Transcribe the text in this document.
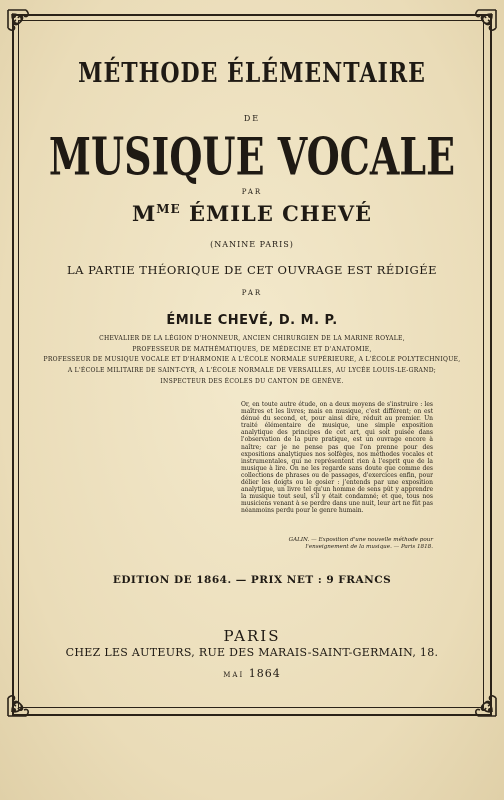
MÉTHODE ÉLÉMENTAIRE
DE
MUSIQUE VOCALE
PAR
$M^{ME}$ ÉMILE CHEVÉ
(NANINE PARIS)
LA PARTIE THÉORIQUE DE CET OUVRAGE EST RÉDIGÉE
PAR
ÉMILE CHEVÉ, D. M. P.
CHEVALIER DE LA LÉGION D'HONNEUR, ANCIEN CHIRURGIEN DE LA MARINE ROYALE,
PROFESSEUR DE MATHÉMATIQUES, DE MÉDECINE ET D'ANATOMIE,
PROFESSEUR DE MUSIQUE VOCALE ET D'HARMONIE A L'ÉCOLE NORMALE SUPÉRIEURE, A L'ÉCOLE POLYTECHNIQUE,
A L'ÉCOLE MILITAIRE DE SAINT-CYR, A L'ÉCOLE NORMALE DE VERSAILLES, AU LYCÉE LOUIS-LE-GRAND;
INSPECTEUR DES ÉCOLES DU CANTON DE GENÈVE.
Or, en toute autre étude, on a deux moyens de s'instruire : les maîtres et les livres; mais en musique, c'est différent; on est dénué du second, et, pour ainsi dire, réduit au premier. Un traité élémentaire de musique, une simple exposition analytique des principes de cet art, qui soit puisée dans l'observation de la pure pratique, est un ouvrage encore à naître; car je ne pense pas que l'on prenne pour des expositions analytiques nos solfèges, nos méthodes vocales et instrumentales, qui ne représentent rien à l'esprit que de la musique à lire. On ne les regarde sans doute que comme des collections de phrases ou de passages, d'exercices enfin, pour délier les doigts ou le gosier : j'entends par une exposition analytique, un livre tel qu'un homme de sens pût y apprendre la musique tout seul, s'il y était condamné; et que, tous nos musiciens venant à se perdre dans une nuit, leur art ne fût pas néanmoins perdu pour le genre humain.
GALIN. — Exposition d'une nouvelle méthode pour
l'enseignement de la musique. — Paris 1818.
EDITION DE 1864. — PRIX NET : 9 FRANCS
PARIS
CHEZ LES AUTEURS, RUE DES MARAIS-SAINT-GERMAIN, 18.
MAI 1864
